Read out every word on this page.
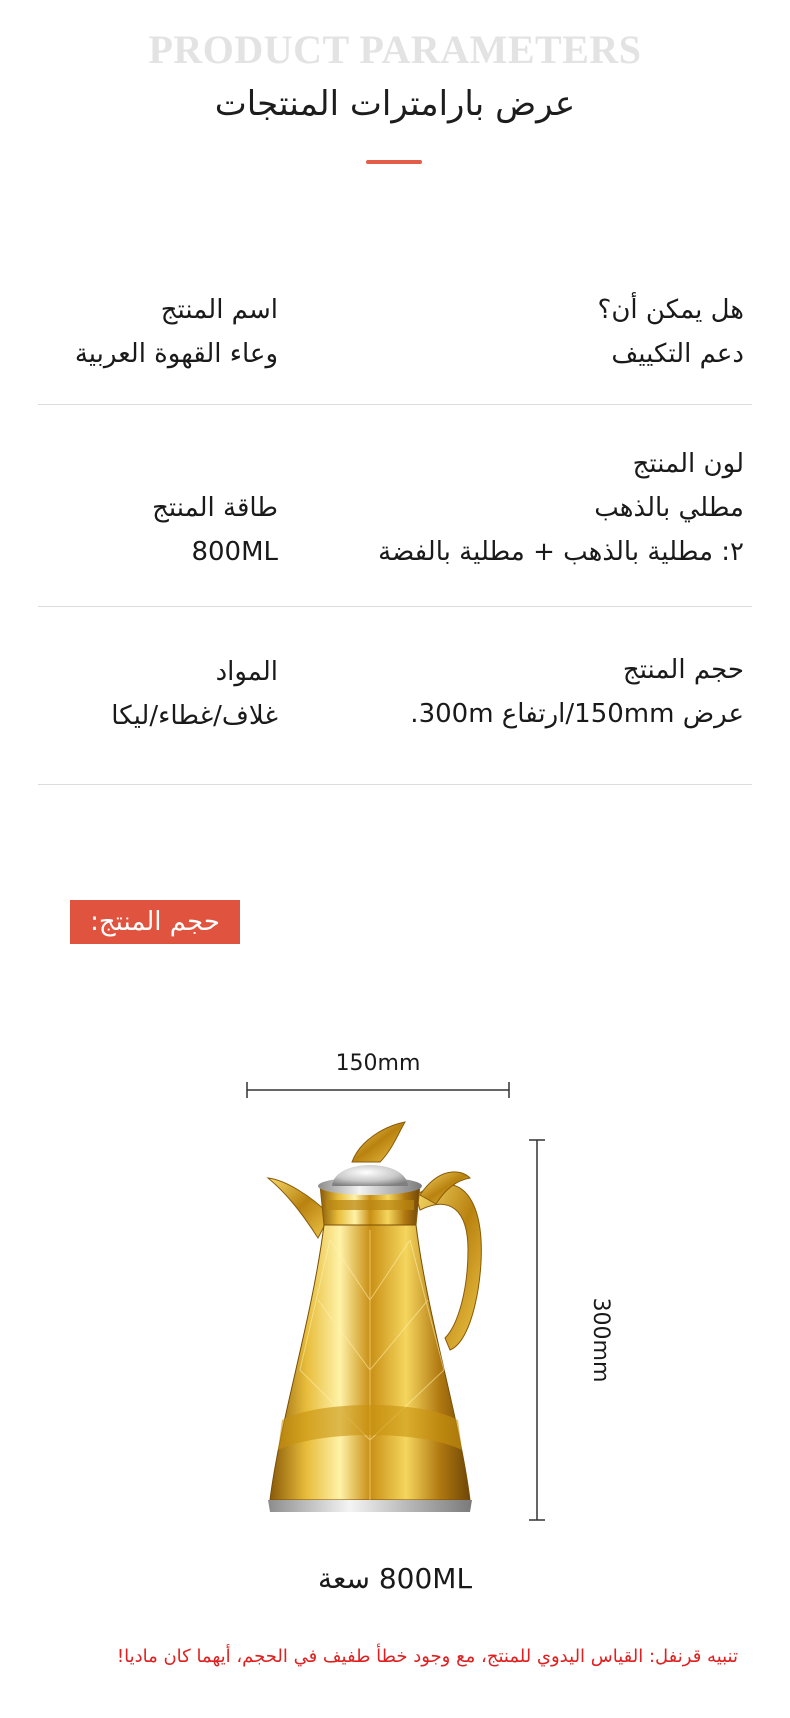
PRODUCT PARAMETERS
عرض بارامترات المنتجات
هل يمكن أن؟
دعم التكييف
اسم المنتج
وعاء القهوة العربية
لون المنتج
مطلي بالذهب
٢: مطلية بالذهب + مطلية بالفضة
طاقة المنتج
800ML
حجم المنتج
عرض 150mm/ارتفاع 300m.
المواد
غلاف/غطاء/ليكا
حجم المنتج:
150mm
300mm
800ML سعة
تنبيه قرنفل: القياس اليدوي للمنتج، مع وجود خطأ طفيف في الحجم، أيهما كان ماديا!
